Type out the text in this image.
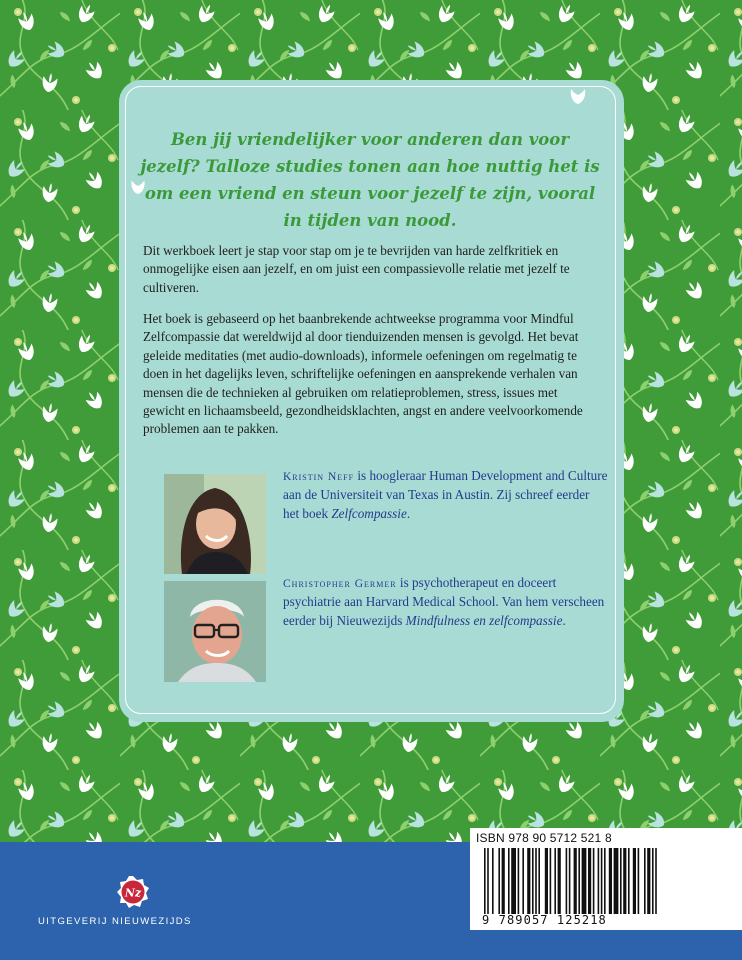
Ben jij vriendelijker voor anderen dan voor jezelf? Talloze studies tonen aan hoe nuttig het is om een vriend en steun voor jezelf te zijn, vooral in tijden van nood.

Dit werkboek leert je stap voor stap om je te bevrijden van harde zelfkritiek en onmogelijke eisen aan jezelf, en om juist een compassievolle relatie met jezelf te cultiveren.

Het boek is gebaseerd op het baanbrekende achtweekse programma voor Mindful Zelfcompassie dat wereldwijd al door tienduizenden mensen is gevolgd. Het bevat geleide meditaties (met audio-downloads), informele oefeningen om regelmatig te doen in het dagelijks leven, schriftelijke oefeningen en aansprekende verhalen van mensen die de technieken al gebruiken om relatieproblemen, stress, issues met gewicht en lichaamsbeeld, gezondheidsklachten, angst en andere veelvoorkomende problemen aan te pakken.

Kristin Neff is hoogleraar Human Development and Culture aan de Universiteit van Texas in Austin. Zij schreef eerder het boek Zelfcompassie.

Christopher Germer is psychotherapeut en doceert psychiatrie aan Harvard Medical School. Van hem verscheen eerder bij Nieuwezijds Mindfulness en zelfcompassie.

Nz

UITGEVERIJ NIEUWEZIJDS

ISBN 978 90 5712 521 8

9 789057 125218
